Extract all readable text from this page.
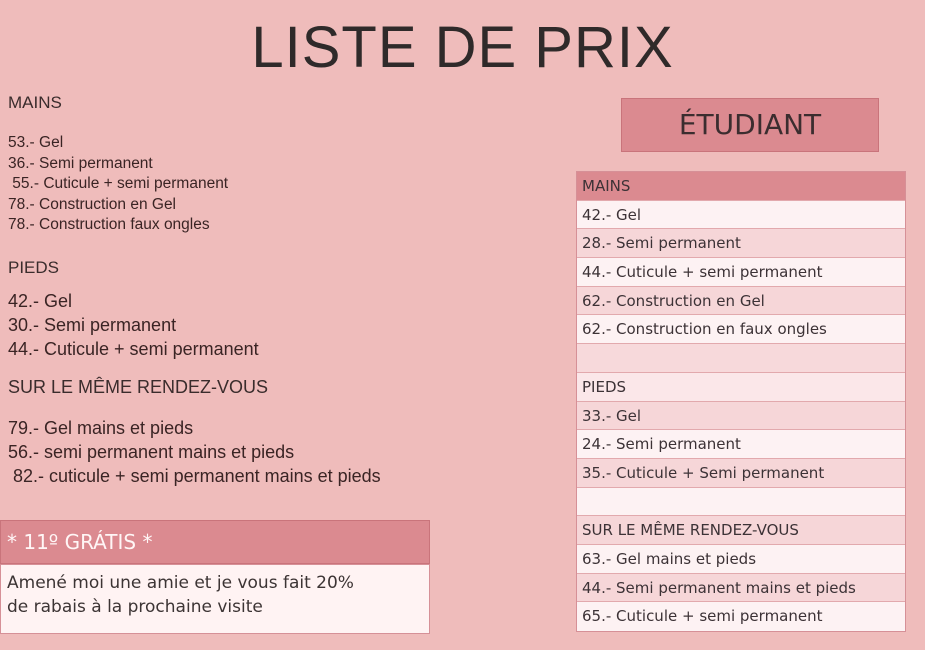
LISTE DE PRIX
MAINS
53.- Gel
36.- Semi permanent
55.- Cuticule + semi permanent
78.- Construction en Gel
78.- Construction faux ongles
PIEDS
42.- Gel
30.- Semi permanent
44.- Cuticule + semi permanent
SUR LE MÊME RENDEZ-VOUS
79.- Gel mains et pieds
56.- semi permanent mains et pieds
82.- cuticule + semi permanent mains et pieds
* 11º GRÁTIS *
Amené moi une amie et je vous fait 20%
de rabais à la prochaine visite
ÉTUDIANT
MAINS
42.- Gel
28.- Semi permanent
44.- Cuticule + semi permanent
62.- Construction en Gel
62.- Construction en faux ongles
PIEDS
33.- Gel
24.- Semi permanent
35.- Cuticule + Semi permanent
SUR LE MÊME RENDEZ-VOUS
63.- Gel mains et pieds
44.- Semi permanent mains et pieds
65.- Cuticule + semi permanent
